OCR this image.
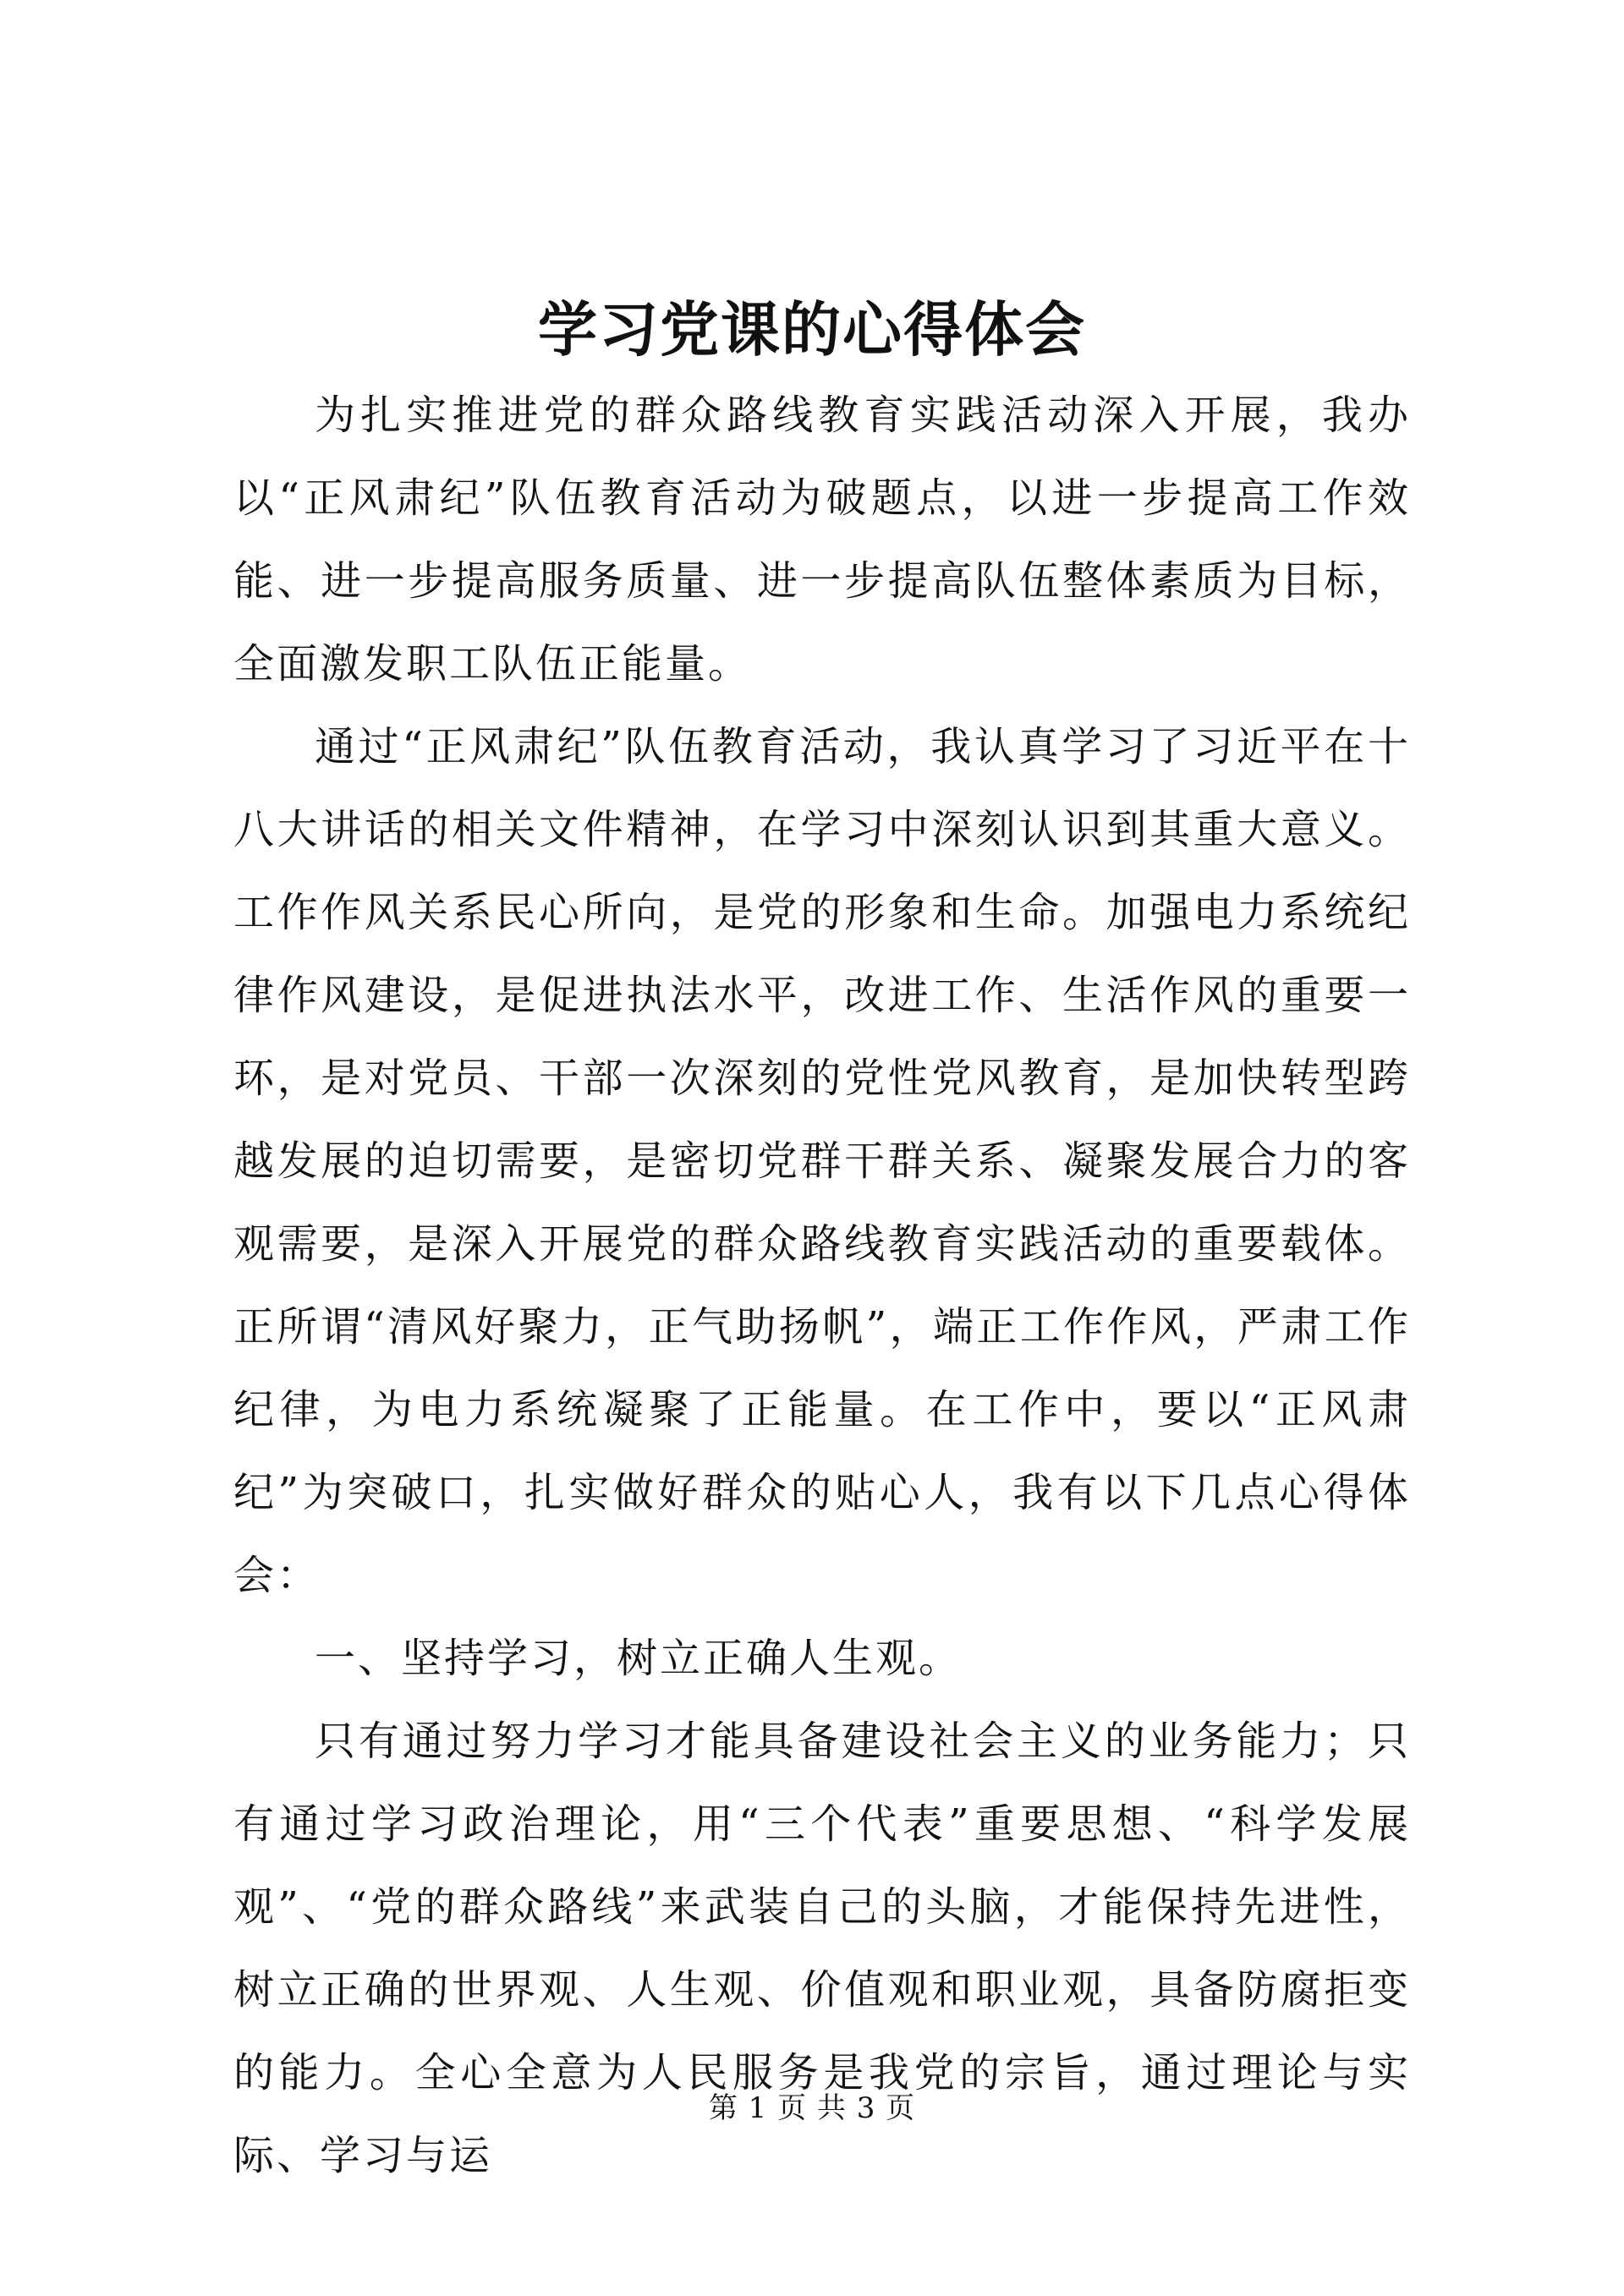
学习党课的心得体会

为扎实推进党的群众路线教育实践活动深入开展，我办以“正风肃纪”队伍教育活动为破题点，以进一步提高工作效能、进一步提高服务质量、进一步提高队伍整体素质为目标，全面激发职工队伍正能量。

通过“正风肃纪”队伍教育活动，我认真学习了习近平在十八大讲话的相关文件精神，在学习中深刻认识到其重大意义。工作作风关系民心所向，是党的形象和生命。加强电力系统纪律作风建设，是促进执法水平，改进工作、生活作风的重要一环，是对党员、干部一次深刻的党性党风教育，是加快转型跨越发展的迫切需要，是密切党群干群关系、凝聚发展合力的客观需要，是深入开展党的群众路线教育实践活动的重要载体。正所谓“清风好聚力，正气助扬帆”，端正工作作风，严肃工作纪律，为电力系统凝聚了正能量。在工作中，要以“正风肃纪”为突破口，扎实做好群众的贴心人，我有以下几点心得体会：

一、坚持学习，树立正确人生观。

只有通过努力学习才能具备建设社会主义的业务能力；只有通过学习政治理论，用“三个代表”重要思想、“科学发展观”、“党的群众路线”来武装自己的头脑，才能保持先进性，树立正确的世界观、人生观、价值观和职业观，具备防腐拒变的能力。全心全意为人民服务是我党的宗旨，通过理论与实际、学习与运

第 1 页 共 3 页
